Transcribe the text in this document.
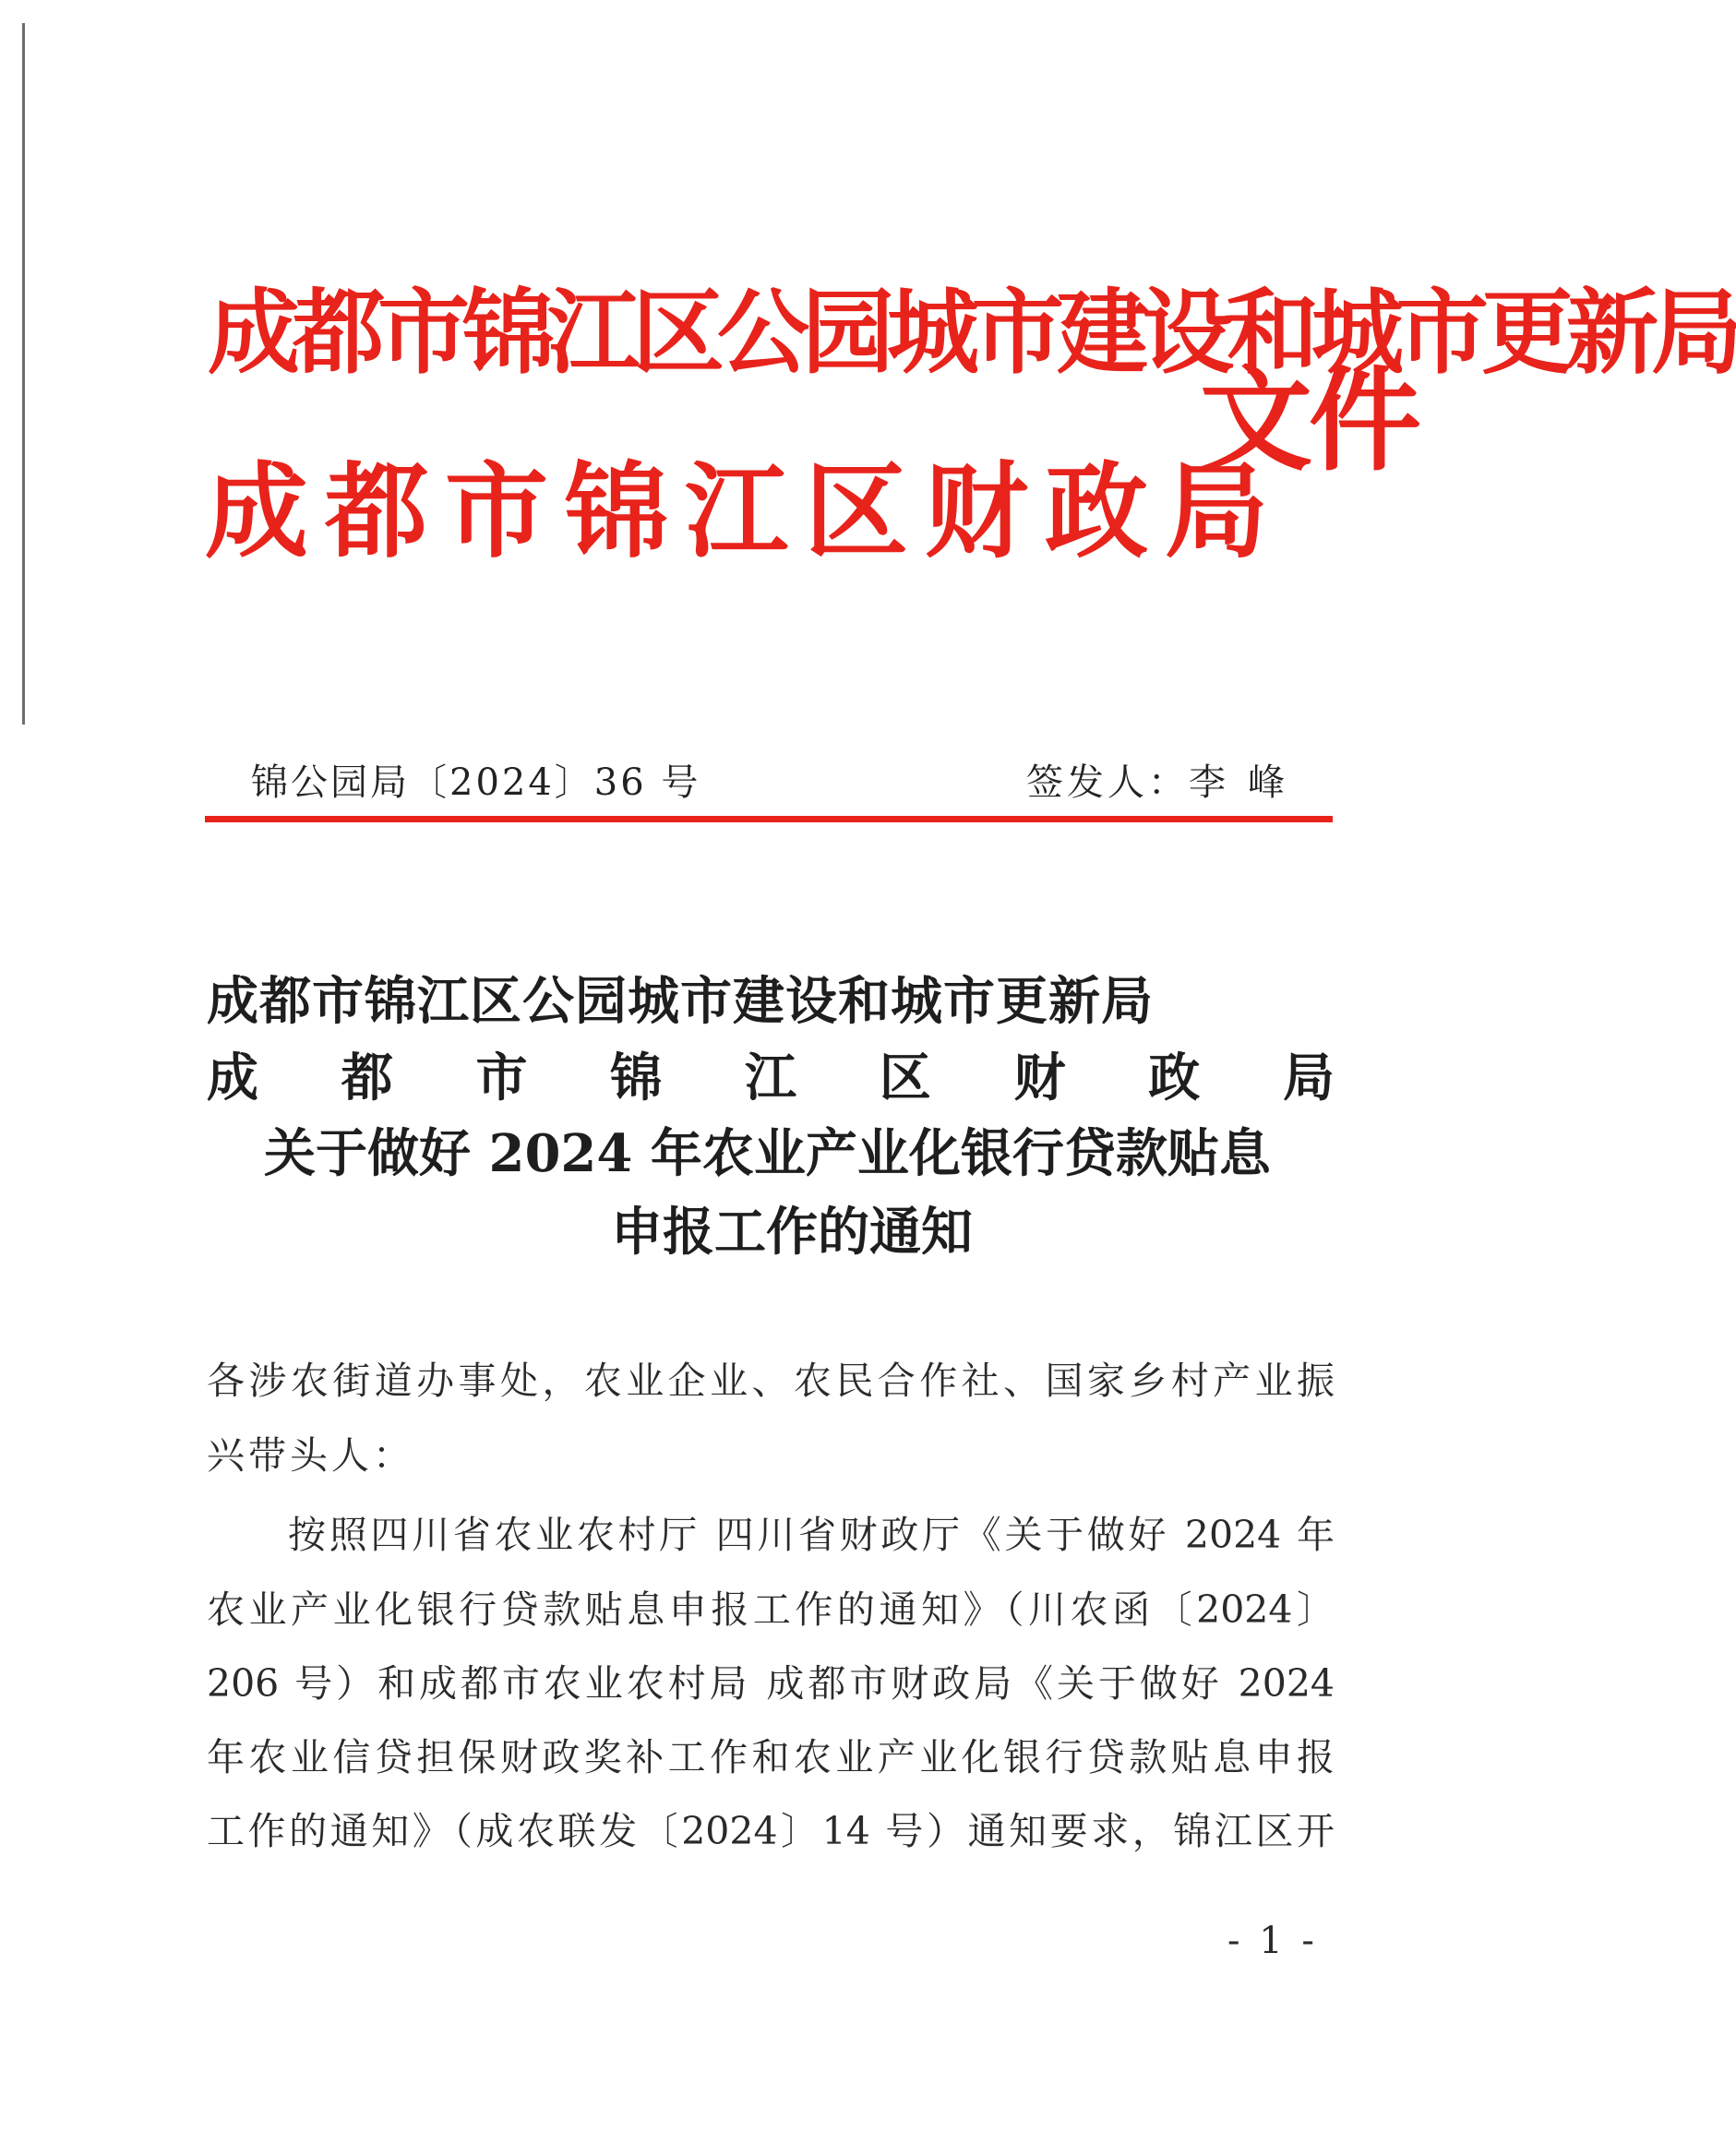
成都市锦江区公园城市建设和城市更新局
成都市锦江区财政局
文件
锦公园局〔2024〕36 号	签发人：李峰
成都市锦江区公园城市建设和城市更新局
成 都 市 锦 江 区 财 政 局
关于做好 2024 年农业产业化银行贷款贴息
申报工作的通知
各涉农街道办事处，农业企业、农民合作社、国家乡村产业振
兴带头人：
按照四川省农业农村厅 四川省财政厅《关于做好 2024 年
农业产业化银行贷款贴息申报工作的通知》（川农函〔2024〕
206 号）和成都市农业农村局 成都市财政局《关于做好 2024
年农业信贷担保财政奖补工作和农业产业化银行贷款贴息申报
工作的通知》（成农联发〔2024〕14 号）通知要求，锦江区开
- 1 -
